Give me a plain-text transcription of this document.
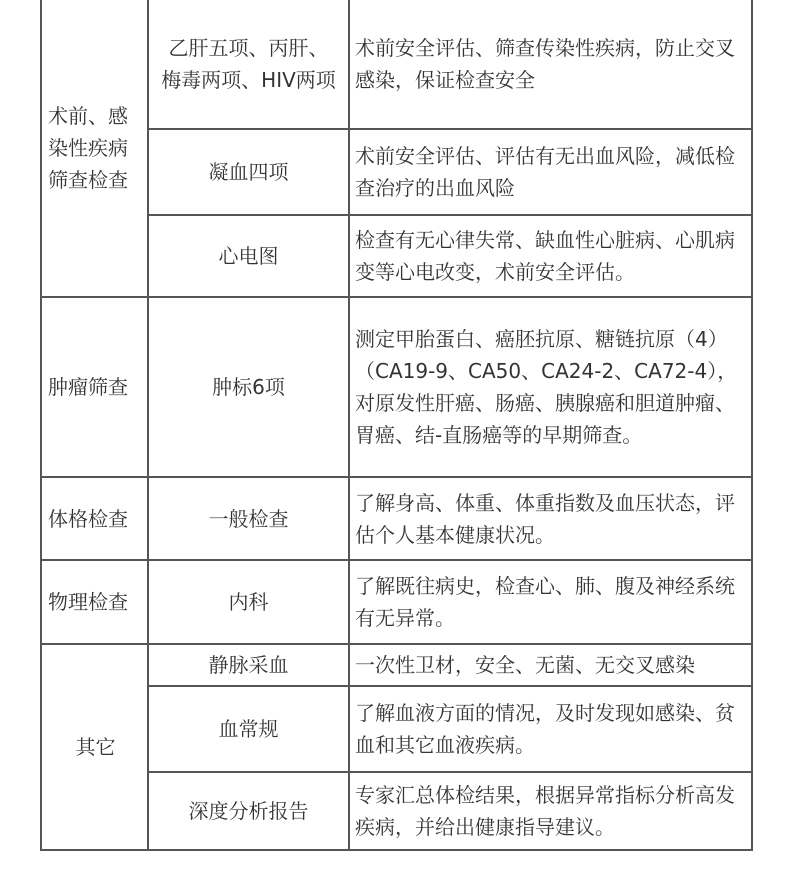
术前、感染性疾病筛查检查	乙肝五项、丙肝、梅毒两项、HIV两项	术前安全评估、筛查传染性疾病，防止交叉感染，保证检查安全
	凝血四项	术前安全评估、评估有无出血风险，减低检查治疗的出血风险
	心电图	检查有无心律失常、缺血性心脏病、心肌病变等心电改变，术前安全评估。
肿瘤筛查	肿标6项	测定甲胎蛋白、癌胚抗原、糖链抗原（4）（CA19-9、CA50、CA24-2、CA72-4），对原发性肝癌、肠癌、胰腺癌和胆道肿瘤、胃癌、结-直肠癌等的早期筛查。
体格检查	一般检查	了解身高、体重、体重指数及血压状态，评估个人基本健康状况。
物理检查	内科	了解既往病史，检查心、肺、腹及神经系统有无异常。
其它	静脉采血	一次性卫材，安全、无菌、无交叉感染
	血常规	了解血液方面的情况，及时发现如感染、贫血和其它血液疾病。
	深度分析报告	专家汇总体检结果，根据异常指标分析高发疾病，并给出健康指导建议。
